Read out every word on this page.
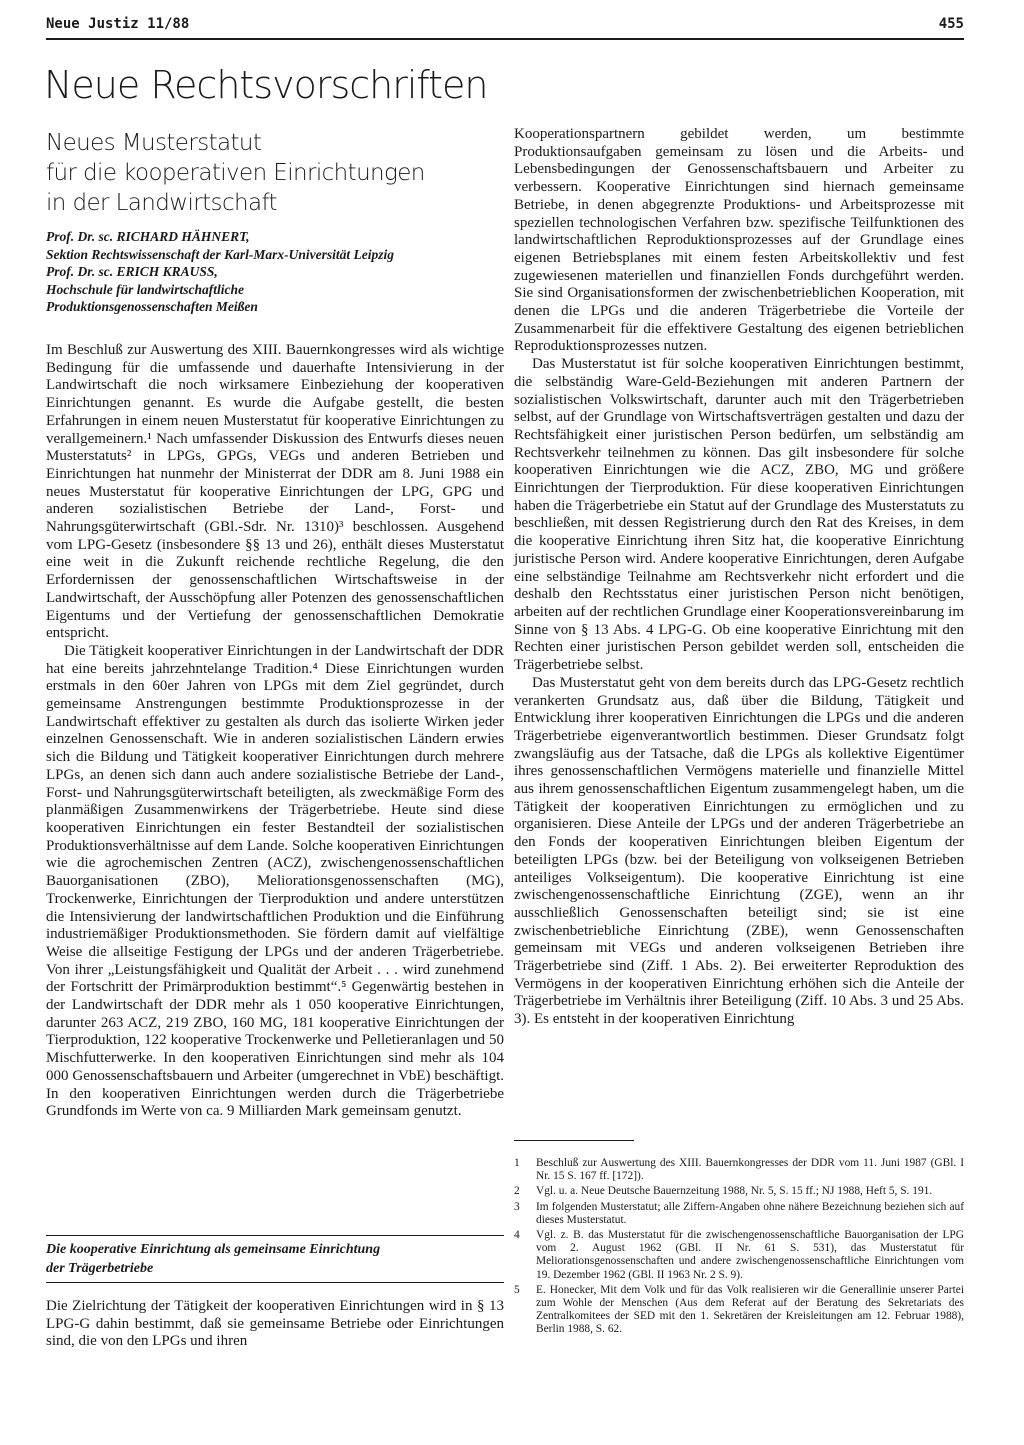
Neue Justiz 11/88	455
Neue Rechtsvorschriften
Neues Musterstatut
für die kooperativen Einrichtungen
in der Landwirtschaft
Prof. Dr. sc. RICHARD HÄHNERT,
Sektion Rechtswissenschaft der Karl-Marx-Universität Leipzig
Prof. Dr. sc. ERICH KRAUSS,
Hochschule für landwirtschaftliche
Produktionsgenossenschaften Meißen

Im Beschluß zur Auswertung des XIII. Bauernkongresses wird als wichtige Bedingung für die umfassende und dauerhafte Intensivierung in der Landwirtschaft die noch wirksamere Einbeziehung der kooperativen Einrichtungen genannt. Es wurde die Aufgabe gestellt, die besten Erfahrungen in einem neuen Musterstatut für kooperative Einrichtungen zu verallgemeinern.¹ Nach umfassender Diskussion des Entwurfs dieses neuen Musterstatuts² in LPGs, GPGs, VEGs und anderen Betrieben und Einrichtungen hat nunmehr der Ministerrat der DDR am 8. Juni 1988 ein neues Musterstatut für kooperative Einrichtungen der LPG, GPG und anderen sozialistischen Betriebe der Land-, Forst- und Nahrungsgüterwirtschaft (GBl.-Sdr. Nr. 1310)³ beschlossen. Ausgehend vom LPG-Gesetz (insbesondere §§ 13 und 26), enthält dieses Musterstatut eine weit in die Zukunft reichende rechtliche Regelung, die den Erfordernissen der genossenschaftlichen Wirtschaftsweise in der Landwirtschaft, der Ausschöpfung aller Potenzen des genossenschaftlichen Eigentums und der Vertiefung der genossenschaftlichen Demokratie entspricht.

Die Tätigkeit kooperativer Einrichtungen in der Landwirtschaft der DDR hat eine bereits jahrzehntelange Tradition.⁴ Diese Einrichtungen wurden erstmals in den 60er Jahren von LPGs mit dem Ziel gegründet, durch gemeinsame Anstrengungen bestimmte Produktionsprozesse in der Landwirtschaft effektiver zu gestalten als durch das isolierte Wirken jeder einzelnen Genossenschaft. Wie in anderen sozialistischen Ländern erwies sich die Bildung und Tätigkeit kooperativer Einrichtungen durch mehrere LPGs, an denen sich dann auch andere sozialistische Betriebe der Land-, Forst- und Nahrungsgüterwirtschaft beteiligten, als zweckmäßige Form des planmäßigen Zusammenwirkens der Trägerbetriebe. Heute sind diese kooperativen Einrichtungen ein fester Bestandteil der sozialistischen Produktionsverhältnisse auf dem Lande. Solche kooperativen Einrichtungen wie die agrochemischen Zentren (ACZ), zwischengenossenschaftlichen Bauorganisationen (ZBO), Meliorationsgenossenschaften (MG), Trockenwerke, Einrichtungen der Tierproduktion und andere unterstützen die Intensivierung der landwirtschaftlichen Produktion und die Einführung industriemäßiger Produktionsmethoden. Sie fördern damit auf vielfältige Weise die allseitige Festigung der LPGs und der anderen Trägerbetriebe. Von ihrer „Leistungsfähigkeit und Qualität der Arbeit . . . wird zunehmend der Fortschritt der Primärproduktion bestimmt“.⁵ Gegenwärtig bestehen in der Landwirtschaft der DDR mehr als 1 050 kooperative Einrichtungen, darunter 263 ACZ, 219 ZBO, 160 MG, 181 kooperative Einrichtungen der Tierproduktion, 122 kooperative Trockenwerke und Pelletieranlagen und 50 Mischfutterwerke. In den kooperativen Einrichtungen sind mehr als 104 000 Genossenschaftsbauern und Arbeiter (umgerechnet in VbE) beschäftigt. In den kooperativen Einrichtungen werden durch die Trägerbetriebe Grundfonds im Werte von ca. 9 Milliarden Mark gemeinsam genutzt.

Die kooperative Einrichtung als gemeinsame Einrichtung
der Trägerbetriebe

Die Zielrichtung der Tätigkeit der kooperativen Einrichtungen wird in § 13 LPG-G dahin bestimmt, daß sie gemeinsame Betriebe oder Einrichtungen sind, die von den LPGs und ihren

Kooperationspartnern gebildet werden, um bestimmte Produktionsaufgaben gemeinsam zu lösen und die Arbeits- und Lebensbedingungen der Genossenschaftsbauern und Arbeiter zu verbessern. Kooperative Einrichtungen sind hiernach gemeinsame Betriebe, in denen abgegrenzte Produktions- und Arbeitsprozesse mit speziellen technologischen Verfahren bzw. spezifische Teilfunktionen des landwirtschaftlichen Reproduktionsprozesses auf der Grundlage eines eigenen Betriebsplanes mit einem festen Arbeitskollektiv und fest zugewiesenen materiellen und finanziellen Fonds durchgeführt werden. Sie sind Organisationsformen der zwischenbetrieblichen Kooperation, mit denen die LPGs und die anderen Trägerbetriebe die Vorteile der Zusammenarbeit für die effektivere Gestaltung des eigenen betrieblichen Reproduktionsprozesses nutzen.

Das Musterstatut ist für solche kooperativen Einrichtungen bestimmt, die selbständig Ware-Geld-Beziehungen mit anderen Partnern der sozialistischen Volkswirtschaft, darunter auch mit den Trägerbetrieben selbst, auf der Grundlage von Wirtschaftsverträgen gestalten und dazu der Rechtsfähigkeit einer juristischen Person bedürfen, um selbständig am Rechtsverkehr teilnehmen zu können. Das gilt insbesondere für solche kooperativen Einrichtungen wie die ACZ, ZBO, MG und größere Einrichtungen der Tierproduktion. Für diese kooperativen Einrichtungen haben die Trägerbetriebe ein Statut auf der Grundlage des Musterstatuts zu beschließen, mit dessen Registrierung durch den Rat des Kreises, in dem die kooperative Einrichtung ihren Sitz hat, die kooperative Einrichtung juristische Person wird. Andere kooperative Einrichtungen, deren Aufgabe eine selbständige Teilnahme am Rechtsverkehr nicht erfordert und die deshalb den Rechtsstatus einer juristischen Person nicht benötigen, arbeiten auf der rechtlichen Grundlage einer Kooperationsvereinbarung im Sinne von § 13 Abs. 4 LPG-G. Ob eine kooperative Einrichtung mit den Rechten einer juristischen Person gebildet werden soll, entscheiden die Trägerbetriebe selbst.

Das Musterstatut geht von dem bereits durch das LPG-Gesetz rechtlich verankerten Grundsatz aus, daß über die Bildung, Tätigkeit und Entwicklung ihrer kooperativen Einrichtungen die LPGs und die anderen Trägerbetriebe eigenverantwortlich bestimmen. Dieser Grundsatz folgt zwangsläufig aus der Tatsache, daß die LPGs als kollektive Eigentümer ihres genossenschaftlichen Vermögens materielle und finanzielle Mittel aus ihrem genossenschaftlichen Eigentum zusammengelegt haben, um die Tätigkeit der kooperativen Einrichtungen zu ermöglichen und zu organisieren. Diese Anteile der LPGs und der anderen Trägerbetriebe an den Fonds der kooperativen Einrichtungen bleiben Eigentum der beteiligten LPGs (bzw. bei der Beteiligung von volkseigenen Betrieben anteiliges Volkseigentum). Die kooperative Einrichtung ist eine zwischengenossenschaftliche Einrichtung (ZGE), wenn an ihr ausschließlich Genossenschaften beteiligt sind; sie ist eine zwischenbetriebliche Einrichtung (ZBE), wenn Genossenschaften gemeinsam mit VEGs und anderen volkseigenen Betrieben ihre Trägerbetriebe sind (Ziff. 1 Abs. 2). Bei erweiterter Reproduktion des Vermögens in der kooperativen Einrichtung erhöhen sich die Anteile der Trägerbetriebe im Verhältnis ihrer Beteiligung (Ziff. 10 Abs. 3 und 25 Abs. 3). Es entsteht in der kooperativen Einrichtung

1	Beschluß zur Auswertung des XIII. Bauernkongresses der DDR vom 11. Juni 1987 (GBl. I Nr. 15 S. 167 ff. [172]).
2	Vgl. u. a. Neue Deutsche Bauernzeitung 1988, Nr. 5, S. 15 ff.; NJ 1988, Heft 5, S. 191.
3	Im folgenden Musterstatut; alle Ziffern-Angaben ohne nähere Bezeichnung beziehen sich auf dieses Musterstatut.
4	Vgl. z. B. das Musterstatut für die zwischengenossenschaftliche Bauorganisation der LPG vom 2. August 1962 (GBl. II Nr. 61 S. 531), das Musterstatut für Meliorationsgenossenschaften und andere zwischengenossenschaftliche Einrichtungen vom 19. Dezember 1962 (GBl. II 1963 Nr. 2 S. 9).
5	E. Honecker, Mit dem Volk und für das Volk realisieren wir die Generallinie unserer Partei zum Wohle der Menschen (Aus dem Referat auf der Beratung des Sekretariats des Zentralkomitees der SED mit den 1. Sekretären der Kreisleitungen am 12. Februar 1988), Berlin 1988, S. 62.
